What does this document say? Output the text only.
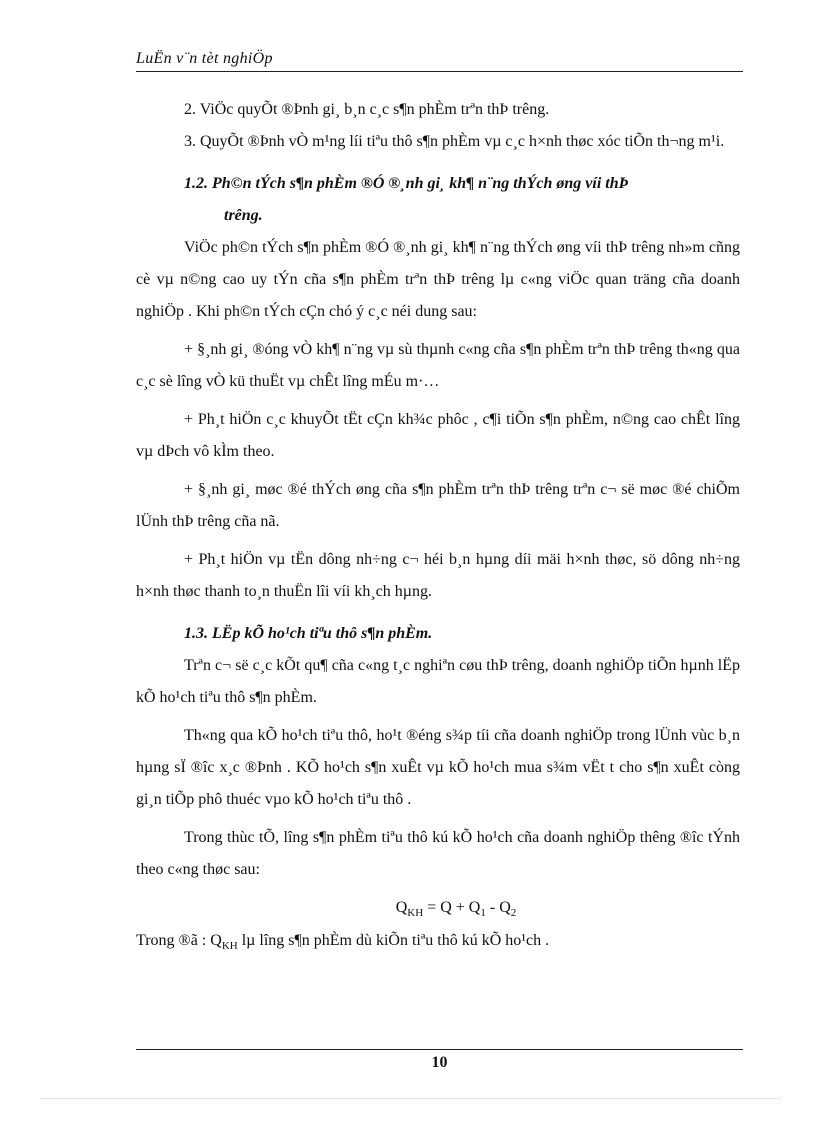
LuËn v¨n tèt nghiÖp

2. ViÖc quyÕt ®Þnh gi¸ b¸n c¸c s¶n phÈm trªn thÞ trêng.

3. QuyÕt ®Þnh vÒ m¹ng líi tiªu thô s¶n phÈm vµ c¸c h×nh thøc xóc tiÕn th¬ng m¹i.

1.2. Ph©n tÝch s¶n phÈm ®Ó ®¸nh gi¸ kh¶ n¨ng thÝch øng víi thÞ
trêng.

ViÖc ph©n tÝch s¶n phÈm ®Ó ®¸nh gi¸ kh¶ n¨ng thÝch øng víi thÞ trêng nh»m cñng cè vµ n©ng cao uy tÝn cña s¶n phÈm trªn thÞ trêng lµ c«ng viÖc quan träng cña doanh nghiÖp . Khi ph©n tÝch cÇn chó ý c¸c néi dung sau:

+ §¸nh gi¸ ®óng vÒ kh¶ n¨ng vµ sù thµnh c«ng cña s¶n phÈm trªn thÞ trêng th«ng qua c¸c sè lîng vÒ kü thuËt vµ chÊt lîng mÉu m·…

+ Ph¸t hiÖn c¸c khuyÕt tËt cÇn kh¾c phôc , c¶i tiÕn s¶n phÈm, n©ng cao chÊt lîng vµ dÞch vô kÌm theo.

+ §¸nh gi¸ møc ®é thÝch øng cña s¶n phÈm trªn thÞ trêng trªn c¬ së møc ®é chiÕm lÜnh thÞ trêng cña nã.

+ Ph¸t hiÖn vµ tËn dông nh÷ng c¬ héi b¸n hµng díi mäi h×nh thøc, sö dông nh÷ng h×nh thøc thanh to¸n thuËn lîi víi kh¸ch hµng.

1.3. LËp kÕ ho¹ch tiªu thô s¶n phÈm.

Trªn c¬ së c¸c kÕt qu¶ cña c«ng t¸c nghiªn cøu thÞ trêng, doanh nghiÖp tiÕn hµnh lËp kÕ ho¹ch tiªu thô s¶n phÈm.

Th«ng qua kÕ ho¹ch tiªu thô, ho¹t ®éng s¾p tíi cña doanh nghiÖp trong lÜnh vùc b¸n hµng sÏ ®îc x¸c ®Þnh . KÕ ho¹ch s¶n xuÊt vµ kÕ ho¹ch mua s¾m vËt t cho s¶n xuÊt còng gi¸n tiÕp phô thuéc vµo kÕ ho¹ch tiªu thô .

Trong thùc tÕ, lîng s¶n phÈm tiªu thô kú kÕ ho¹ch cña doanh nghiÖp thêng ®îc tÝnh theo c«ng thøc sau:

$Q_{KH} = Q + Q_1 - Q_2$

Trong ®ã : $Q_{KH}$ lµ lîng s¶n phÈm dù kiÕn tiªu thô kú kÕ ho¹ch .

10
